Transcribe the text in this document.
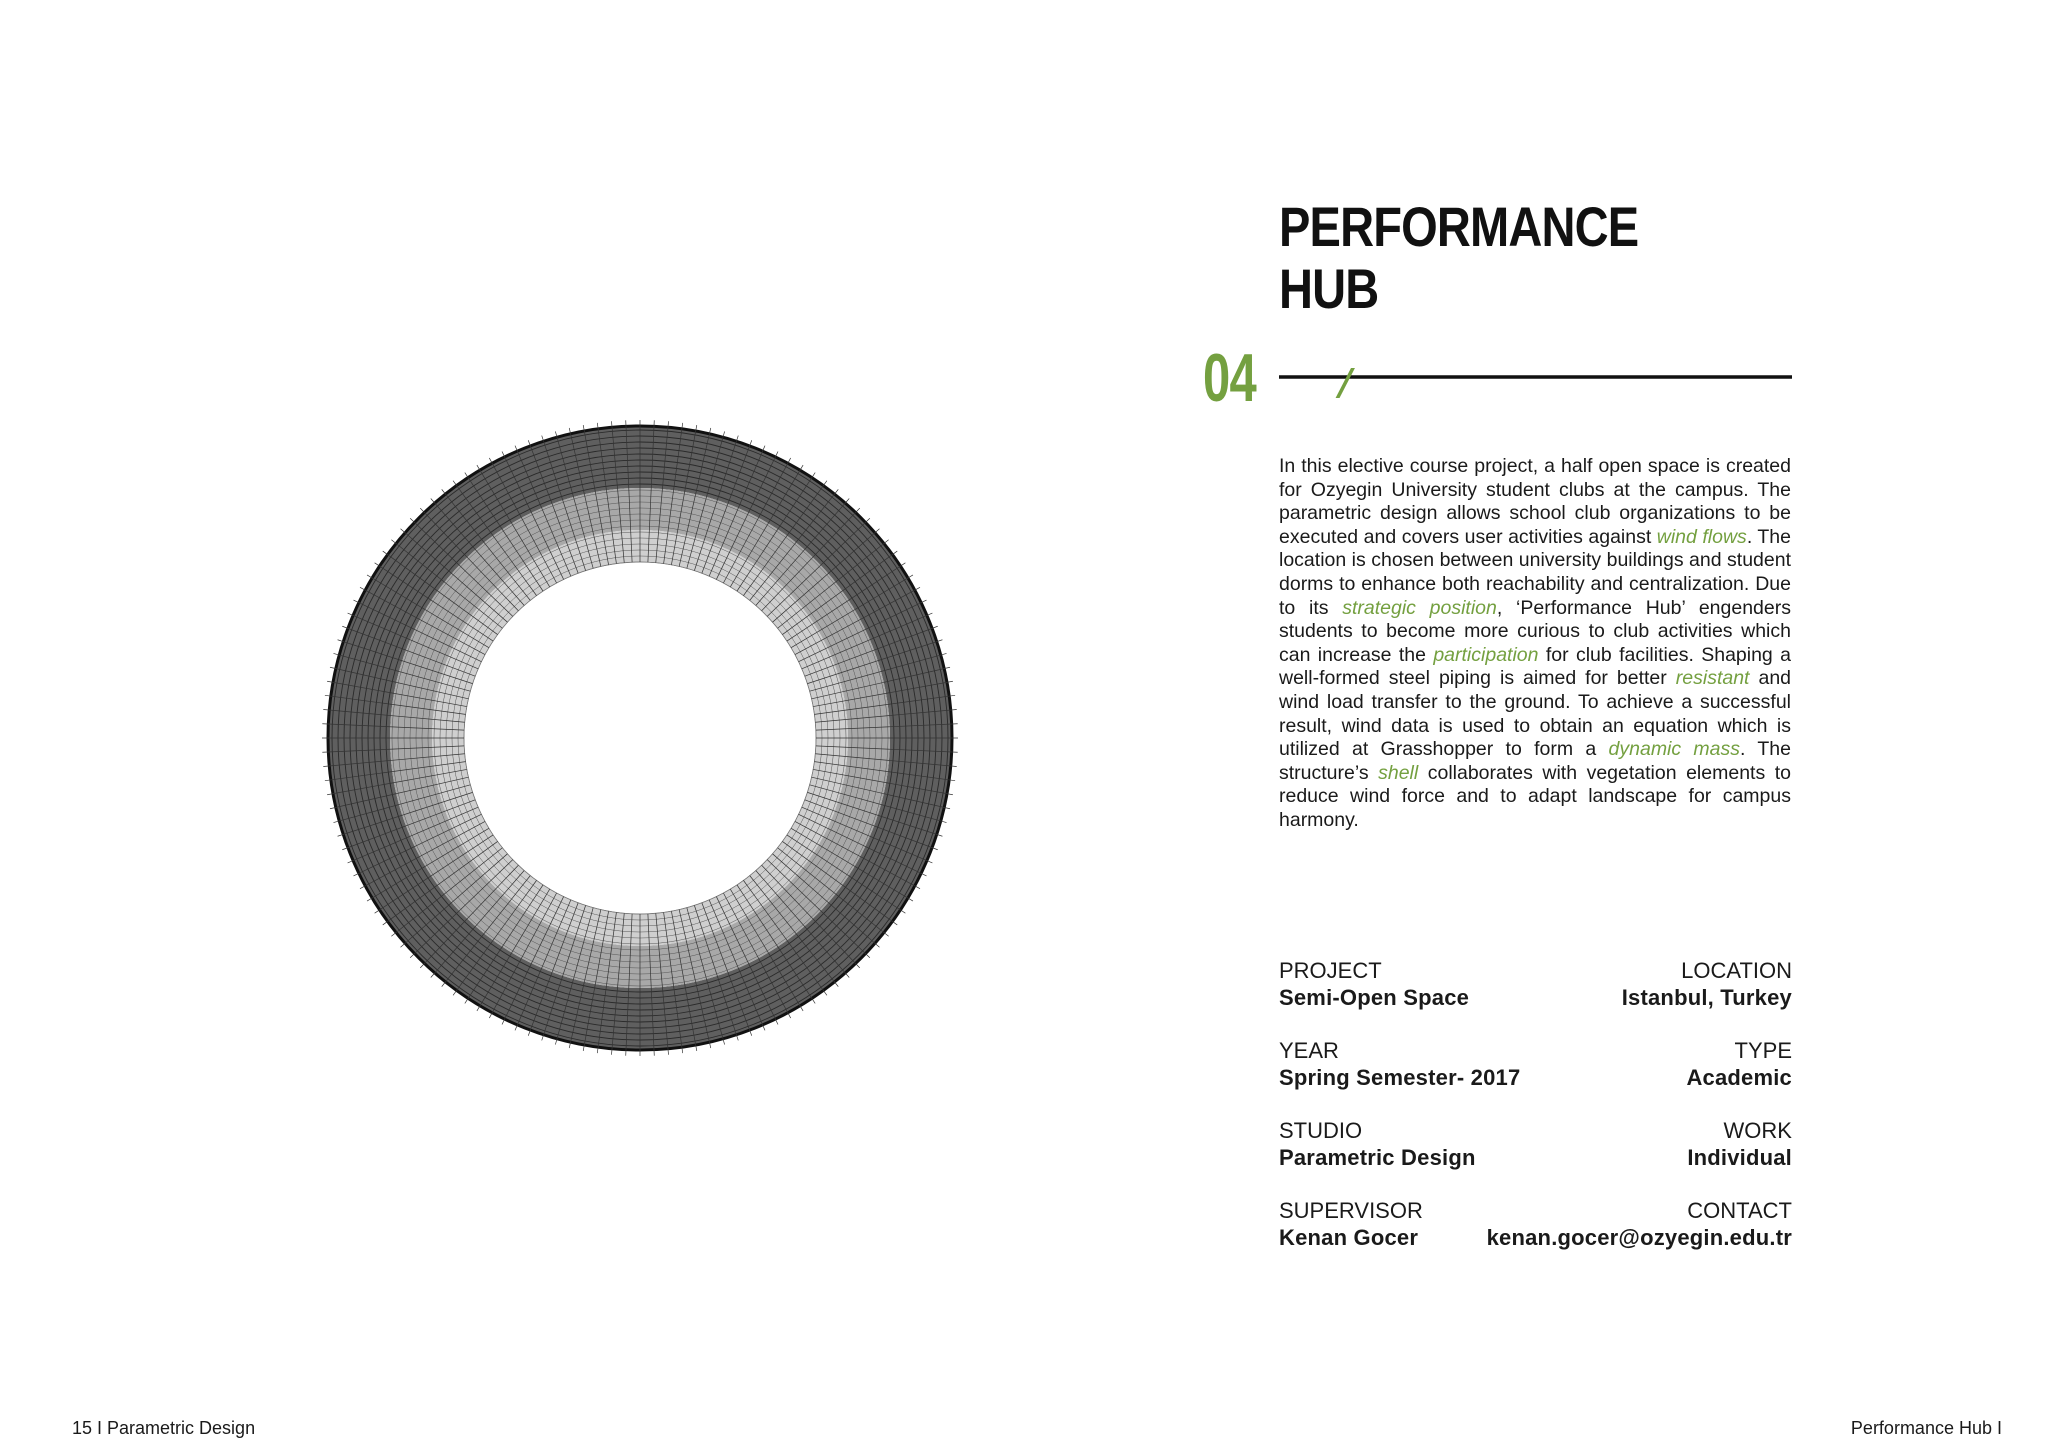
PERFORMANCE
HUB
04

In this elective course project, a half open space is created for Ozyegin University student clubs at the campus. The parametric design allows school club organizations to be executed and covers user activities against wind flows. The location is chosen between university buildings and student dorms to enhance both reachability and centralization. Due to its strategic position, ‘Performance Hub’ engenders students to become more curious to club activities which can increase the participation for club facilities. Shaping a well-formed steel piping is aimed for better resistant and wind load transfer to the ground. To achieve a successful result, wind data is used to obtain an equation which is utilized at Grasshopper to form a dynamic mass. The structure’s shell collaborates with vegetation elements to reduce wind force and to adapt landscape for campus harmony.

PROJECT
Semi-Open Space
LOCATION
Istanbul, Turkey
YEAR
Spring Semester- 2017
TYPE
Academic
STUDIO
Parametric Design
WORK
Individual
SUPERVISOR
Kenan Gocer
CONTACT
kenan.gocer@ozyegin.edu.tr
15 I Parametric Design	Performance Hub I
